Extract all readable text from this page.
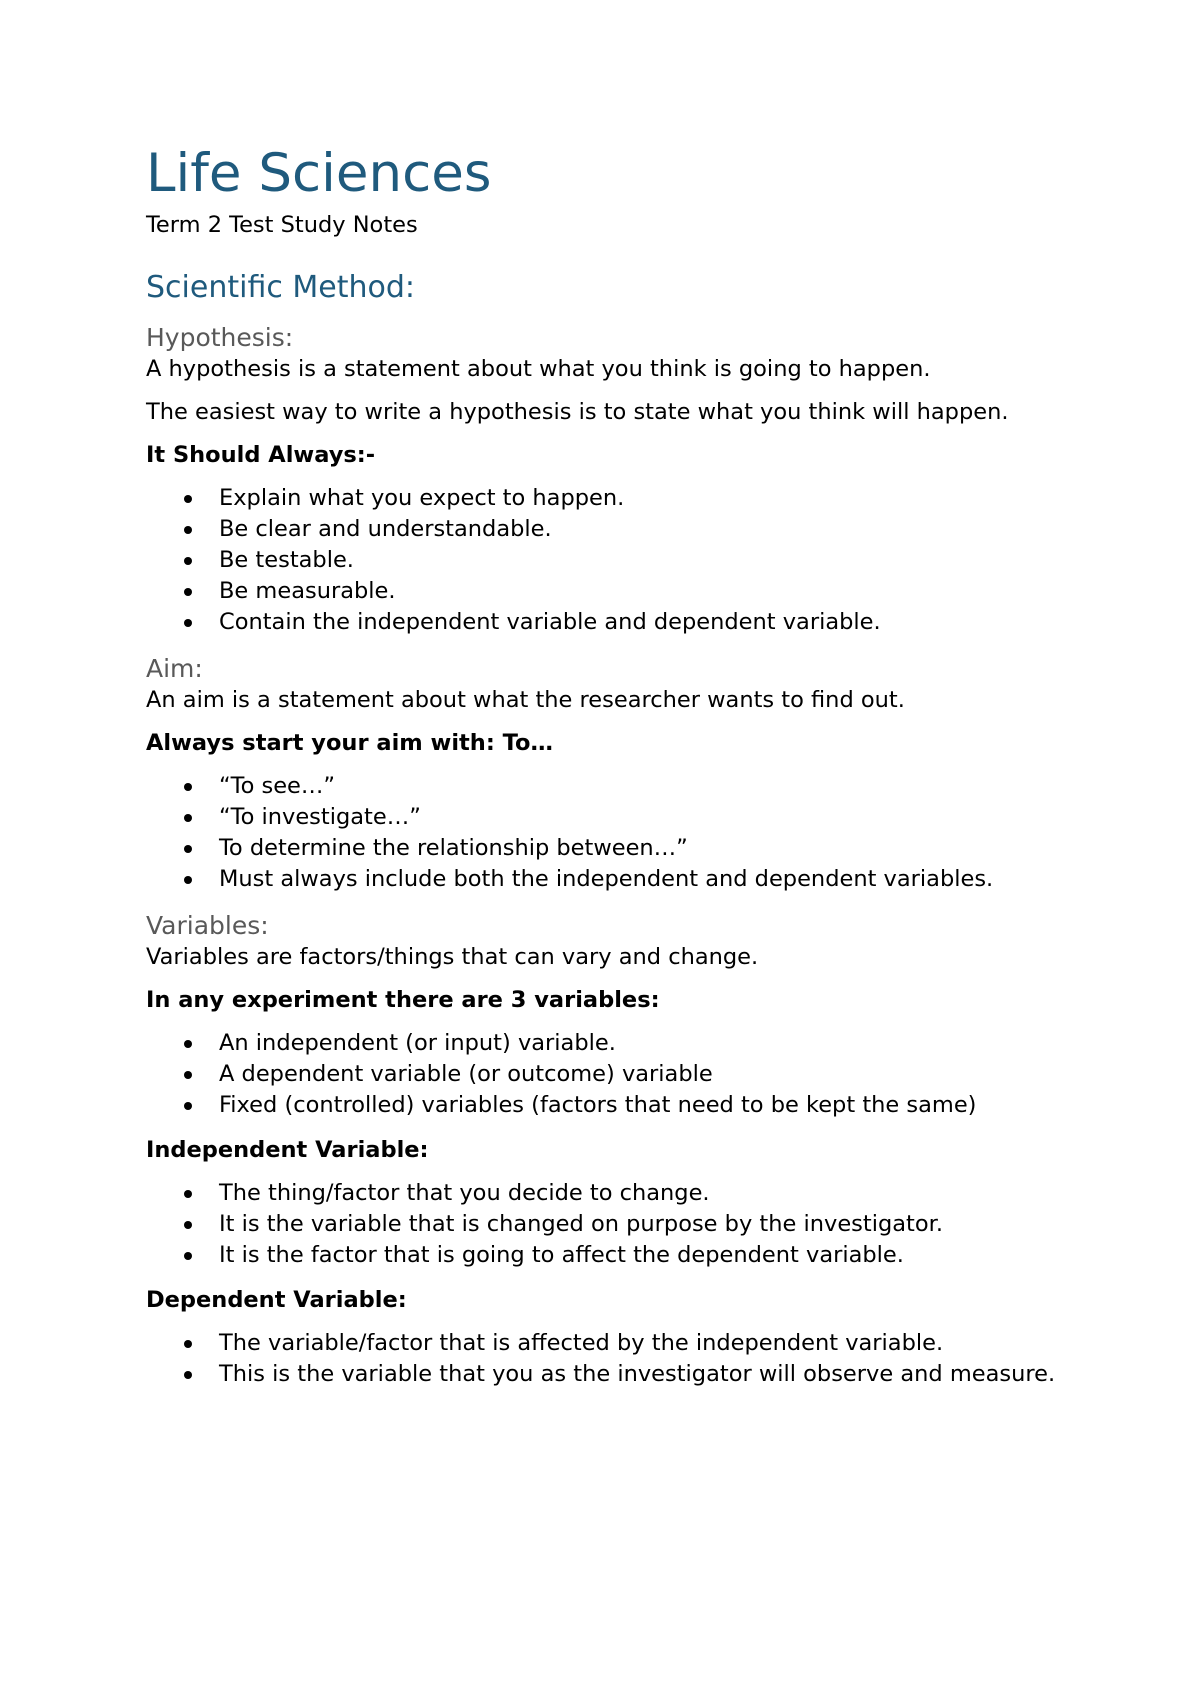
Life Sciences

Term 2 Test Study Notes

Scientific Method:
Hypothesis:

A hypothesis is a statement about what you think is going to happen.

The easiest way to write a hypothesis is to state what you think will happen.

It Should Always:-

Explain what you expect to happen.
Be clear and understandable.
Be testable.
Be measurable.
Contain the independent variable and dependent variable.
Aim:

An aim is a statement about what the researcher wants to find out.

Always start your aim with: To…

“To see…”
“To investigate…”
To determine the relationship between…”
Must always include both the independent and dependent variables.
Variables:

Variables are factors/things that can vary and change.

In any experiment there are 3 variables:

An independent (or input) variable.
A dependent variable (or outcome) variable
Fixed (controlled) variables (factors that need to be kept the same)

Independent Variable:

The thing/factor that you decide to change.
It is the variable that is changed on purpose by the investigator.
It is the factor that is going to affect the dependent variable.

Dependent Variable:

The variable/factor that is affected by the independent variable.
This is the variable that you as the investigator will observe and measure.
